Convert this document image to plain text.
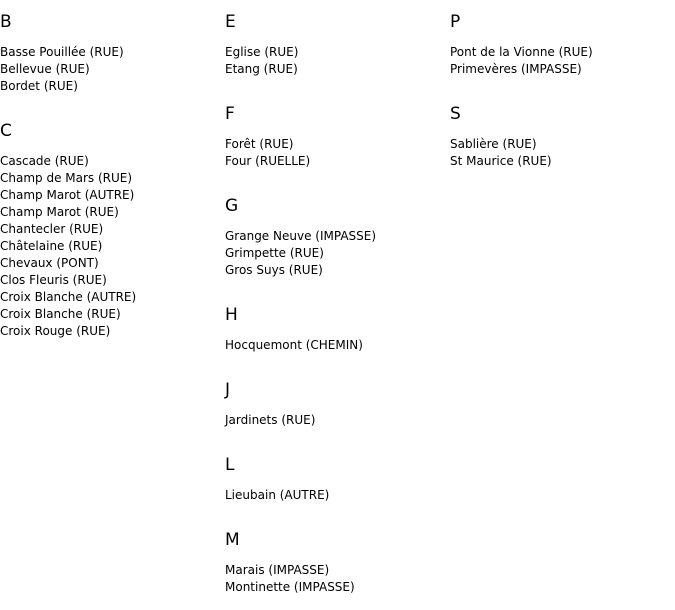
B
Basse Pouillée (RUE)
Bellevue (RUE)
Bordet (RUE)
C
Cascade (RUE)
Champ de Mars (RUE)
Champ Marot (AUTRE)
Champ Marot (RUE)
Chantecler (RUE)
Châtelaine (RUE)
Chevaux (PONT)
Clos Fleuris (RUE)
Croix Blanche (AUTRE)
Croix Blanche (RUE)
Croix Rouge (RUE)
E
Eglise (RUE)
Etang (RUE)
F
Forêt (RUE)
Four (RUELLE)
G
Grange Neuve (IMPASSE)
Grimpette (RUE)
Gros Suys (RUE)
H
Hocquemont (CHEMIN)
J
Jardinets (RUE)
L
Lieubain (AUTRE)
M
Marais (IMPASSE)
Montinette (IMPASSE)
P
Pont de la Vionne (RUE)
Primevères (IMPASSE)
S
Sablière (RUE)
St Maurice (RUE)
